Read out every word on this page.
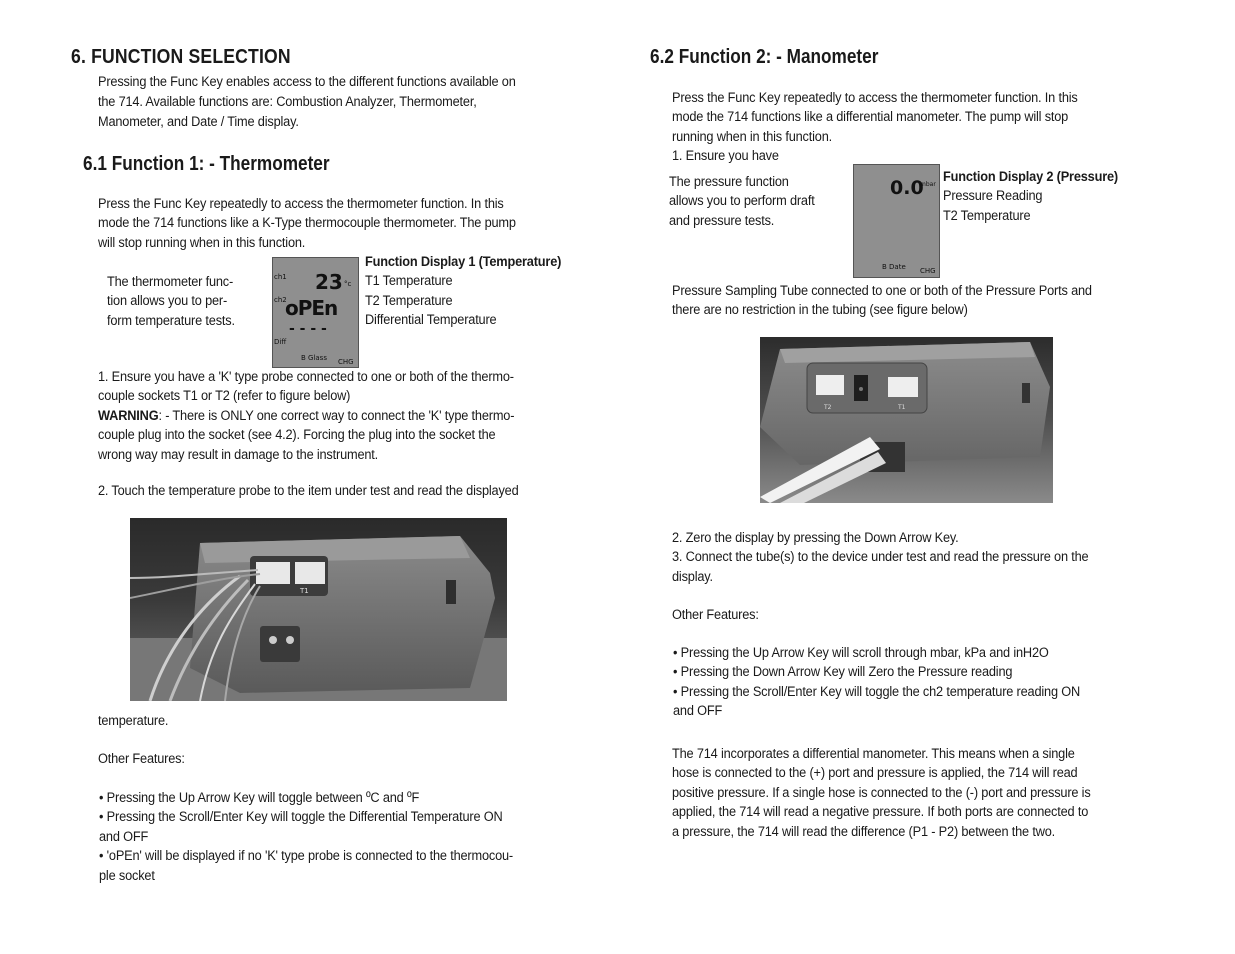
6. FUNCTION SELECTION
Pressing the Func Key enables access to the different functions available on
the 714. Available functions are: Combustion Analyzer, Thermometer,
Manometer, and Date / Time display.
6.1 Function 1: - Thermometer
Press the Func Key repeatedly to access the thermometer function. In this
mode the 714 functions like a K-Type thermocouple thermometer. The pump
will stop running when in this function.
The thermometer func-
tion allows you to per-
form temperature tests.
ch1 23 °c
ch2
oPEn
- - - -
Diff
B Glass CHG
Function Display 1 (Temperature)
T1 Temperature
T2 Temperature
Differential Temperature
1. Ensure you have a 'K' type probe connected to one or both of the thermo-
couple sockets T1 or T2 (refer to figure below)
WARNING: - There is ONLY one correct way to connect the 'K' type thermo-
couple plug into the socket (see 4.2). Forcing the plug into the socket the
wrong way may result in damage to the instrument.
2. Touch the temperature probe to the item under test and read the displayed
T1
temperature.
Other Features:
• Pressing the Up Arrow Key will toggle between ºC and ºF
• Pressing the Scroll/Enter Key will toggle the Differential Temperature ON
and OFF
• 'oPEn' will be displayed if no 'K' type probe is connected to the thermocou-
ple socket
6.2 Function 2: - Manometer
Press the Func Key repeatedly to access the thermometer function. In this
mode the 714 functions like a differential manometer. The pump will stop
running when in this function.
1. Ensure you have
The pressure function
allows you to perform draft
and pressure tests.
0.0
mbar
B Date CHG
Function Display 2 (Pressure)
Pressure Reading
T2 Temperature
Pressure Sampling Tube connected to one or both of the Pressure Ports and
there are no restriction in the tubing (see figure below)
T2	T1
2. Zero the display by pressing the Down Arrow Key.
3. Connect the tube(s) to the device under test and read the pressure on the
display.
Other Features:
• Pressing the Up Arrow Key will scroll through mbar, kPa and inH2O
• Pressing the Down Arrow Key will Zero the Pressure reading
• Pressing the Scroll/Enter Key will toggle the ch2 temperature reading ON
and OFF
The 714 incorporates a differential manometer. This means when a single
hose is connected to the (+) port and pressure is applied, the 714 will read
positive pressure. If a single hose is connected to the (-) port and pressure is
applied, the 714 will read a negative pressure. If both ports are connected to
a pressure, the 714 will read the difference (P1 - P2) between the two.
